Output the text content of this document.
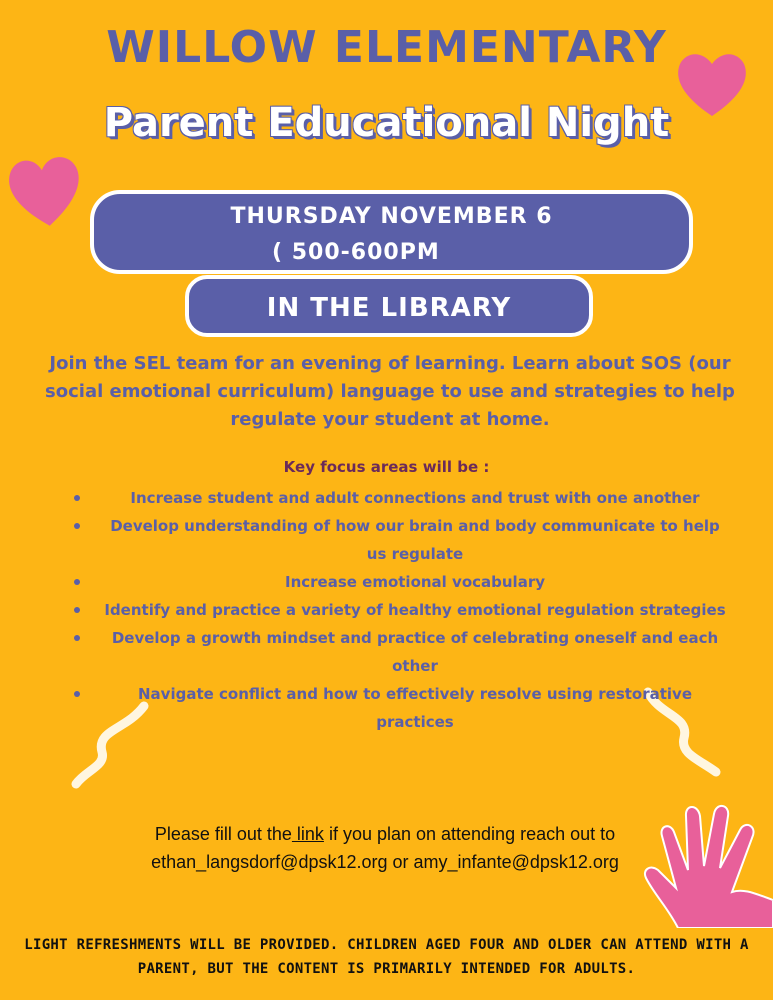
WILLOW ELEMENTARY
Parent Educational Night
THURSDAY NOVEMBER 6
( 500-600PM
IN THE LIBRARY

Join the SEL team for an evening of learning. Learn about SOS (our social emotional curriculum) language to use and strategies to help regulate your student at home.

Key focus areas will be :

Increase student and adult connections and trust with one another
Develop understanding of how our brain and body communicate to help us regulate
Increase emotional vocabulary
Identify and practice a variety of healthy emotional regulation strategies
Develop a growth mindset and practice of celebrating oneself and each other
Navigate conflict and how to effectively resolve using restorative practices

Please fill out the link if you plan on attending reach out to
ethan_langsdorf@dpsk12.org or amy_infante@dpsk12.org

LIGHT REFRESHMENTS WILL BE PROVIDED. CHILDREN AGED FOUR AND OLDER CAN ATTEND WITH A PARENT, BUT THE CONTENT IS PRIMARILY INTENDED FOR ADULTS.
